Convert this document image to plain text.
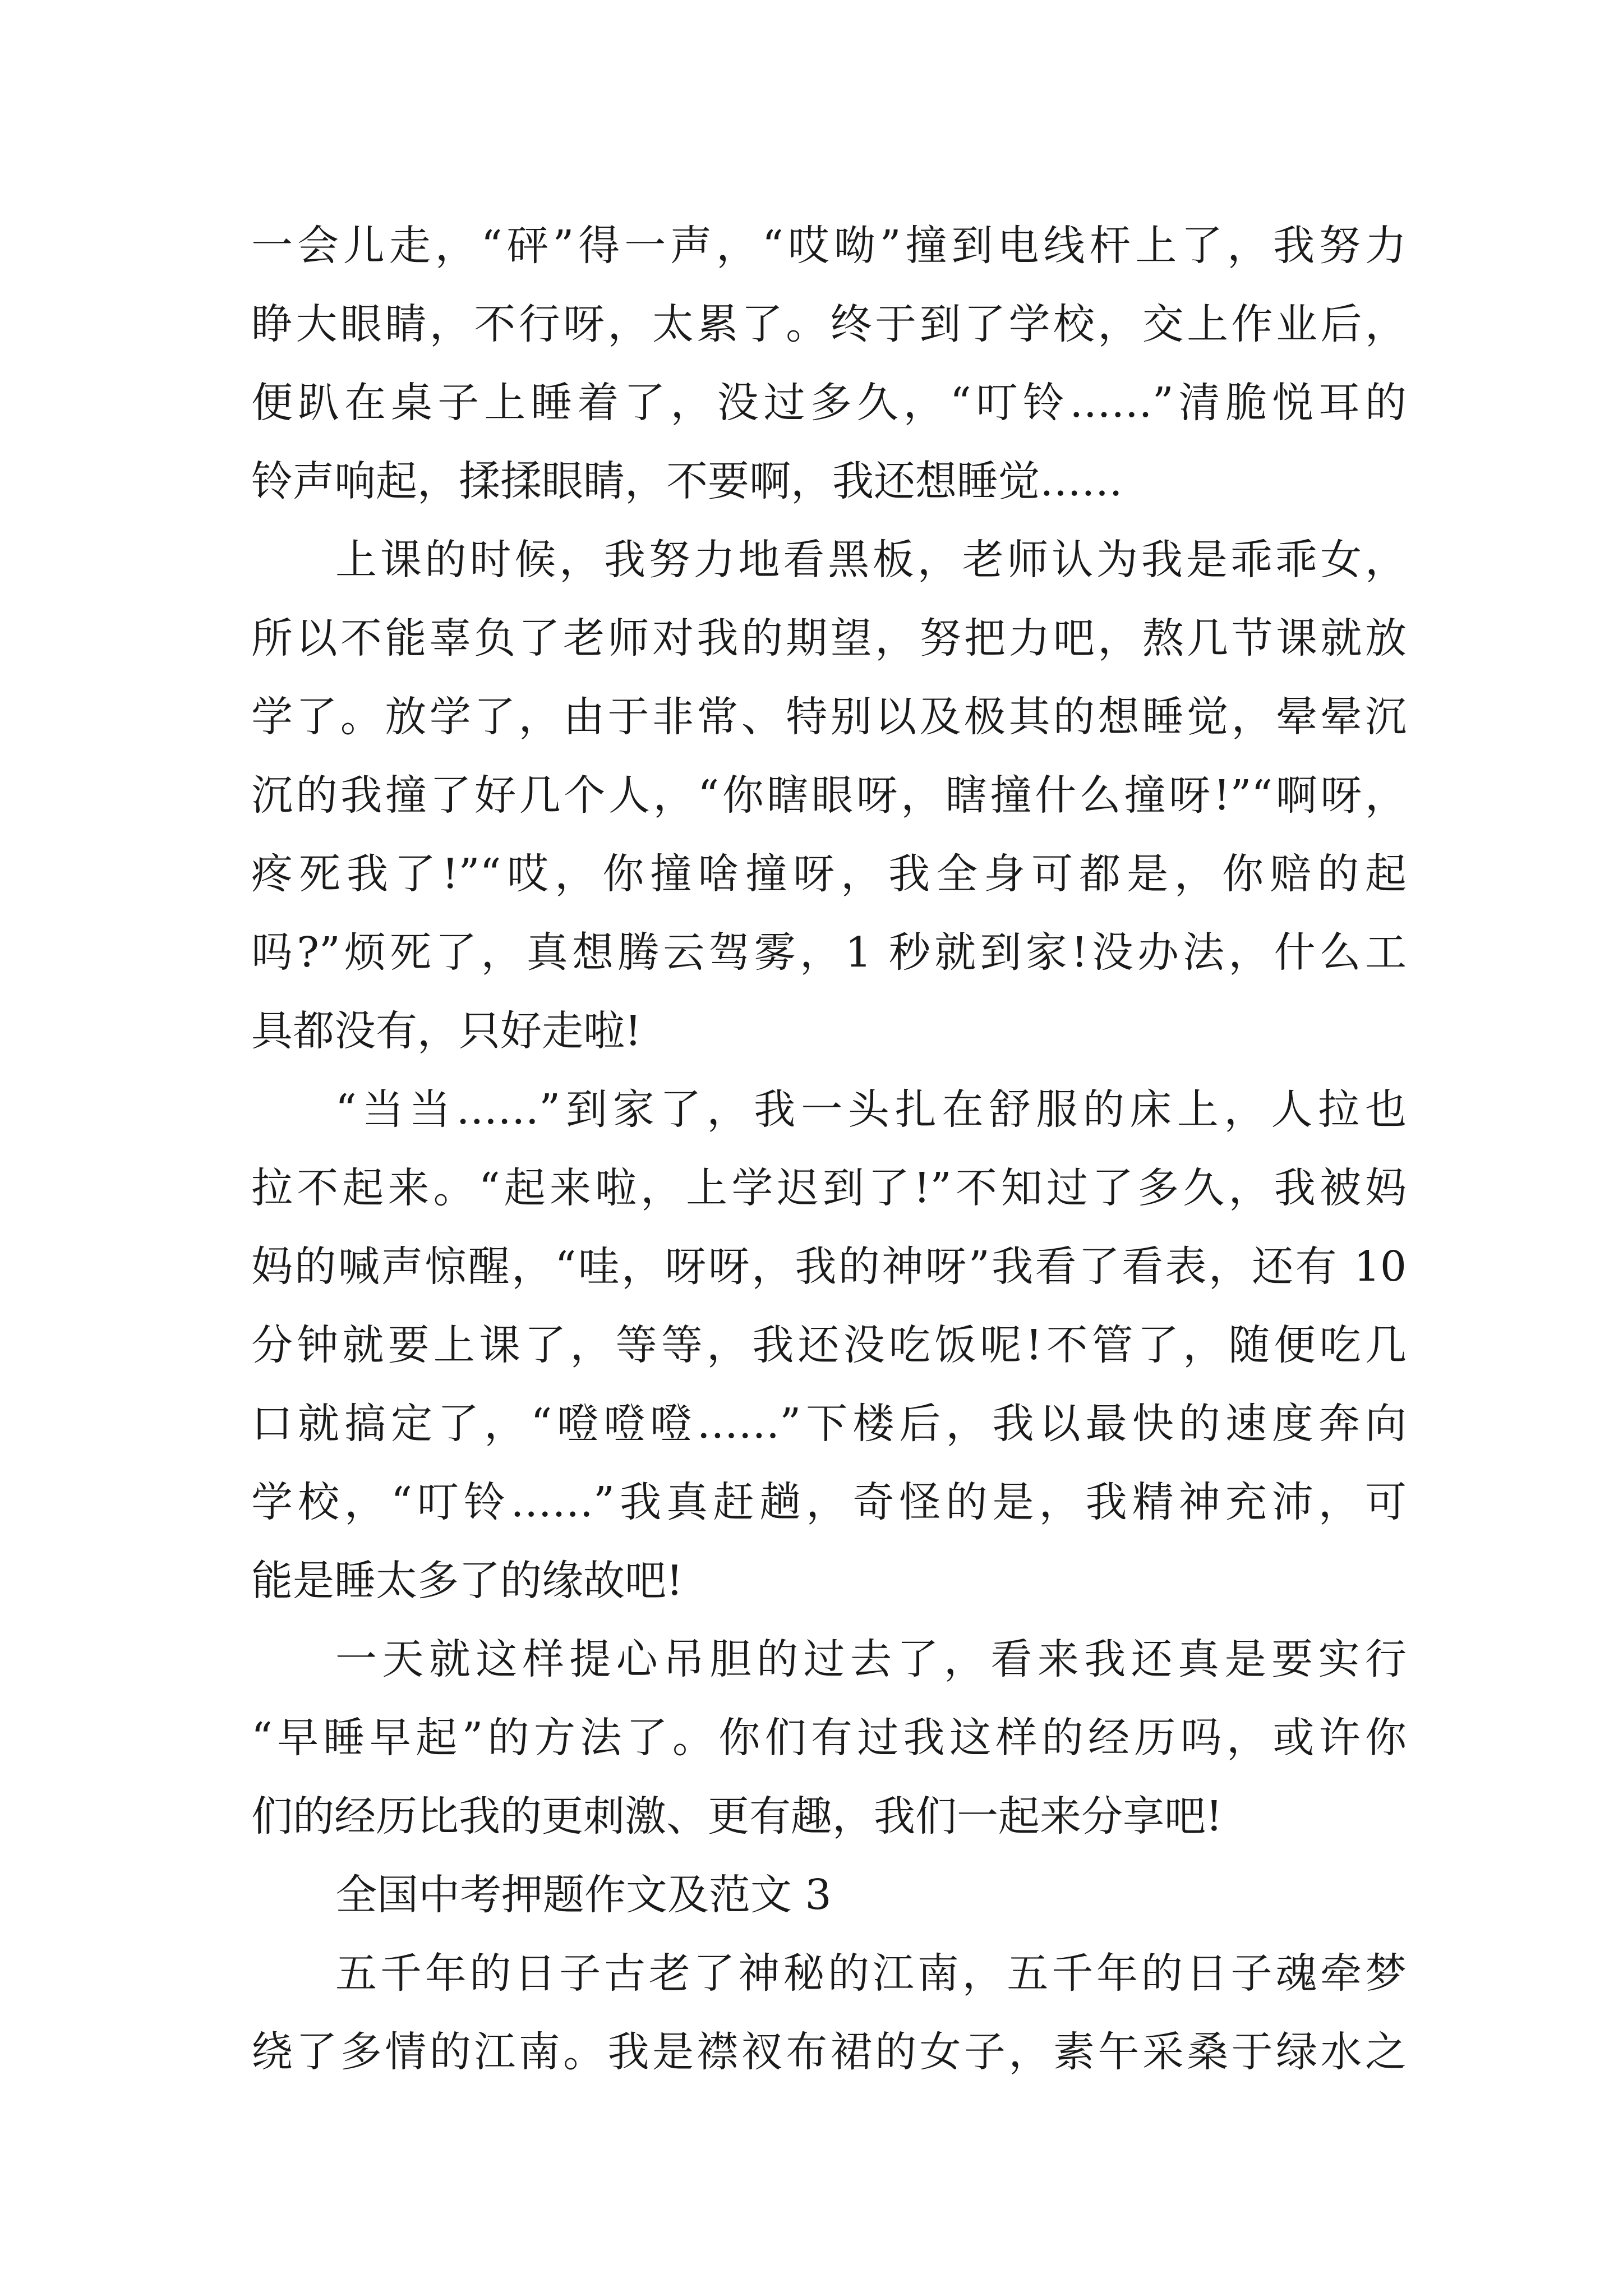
一会儿走，“砰”得一声，“哎呦”撞到电线杆上了，我努力
睁大眼睛，不行呀，太累了。终于到了学校，交上作业后，
便趴在桌子上睡着了，没过多久，“叮铃……”清脆悦耳的
铃声响起，揉揉眼睛，不要啊，我还想睡觉……
上课的时候，我努力地看黑板，老师认为我是乖乖女，
所以不能辜负了老师对我的期望，努把力吧，熬几节课就放
学了。放学了，由于非常、特别以及极其的想睡觉，晕晕沉
沉的我撞了好几个人，“你瞎眼呀，瞎撞什么撞呀!”“啊呀，
疼死我了!”“哎，你撞啥撞呀，我全身可都是，你赔的起
吗?”烦死了，真想腾云驾雾，1 秒就到家!没办法，什么工
具都没有，只好走啦!
“当当……”到家了，我一头扎在舒服的床上，人拉也
拉不起来。“起来啦，上学迟到了!”不知过了多久，我被妈
妈的喊声惊醒，“哇，呀呀，我的神呀”我看了看表，还有 10
分钟就要上课了，等等，我还没吃饭呢!不管了，随便吃几
口就搞定了，“噔噔噔……”下楼后，我以最快的速度奔向
学校，“叮铃……”我真赶趟，奇怪的是，我精神充沛，可
能是睡太多了的缘故吧!
一天就这样提心吊胆的过去了，看来我还真是要实行
“早睡早起”的方法了。你们有过我这样的经历吗，或许你
们的经历比我的更刺激、更有趣，我们一起来分享吧!
全国中考押题作文及范文 3
五千年的日子古老了神秘的江南，五千年的日子魂牵梦
绕了多情的江南。我是襟衩布裙的女子，素午采桑于绿水之
